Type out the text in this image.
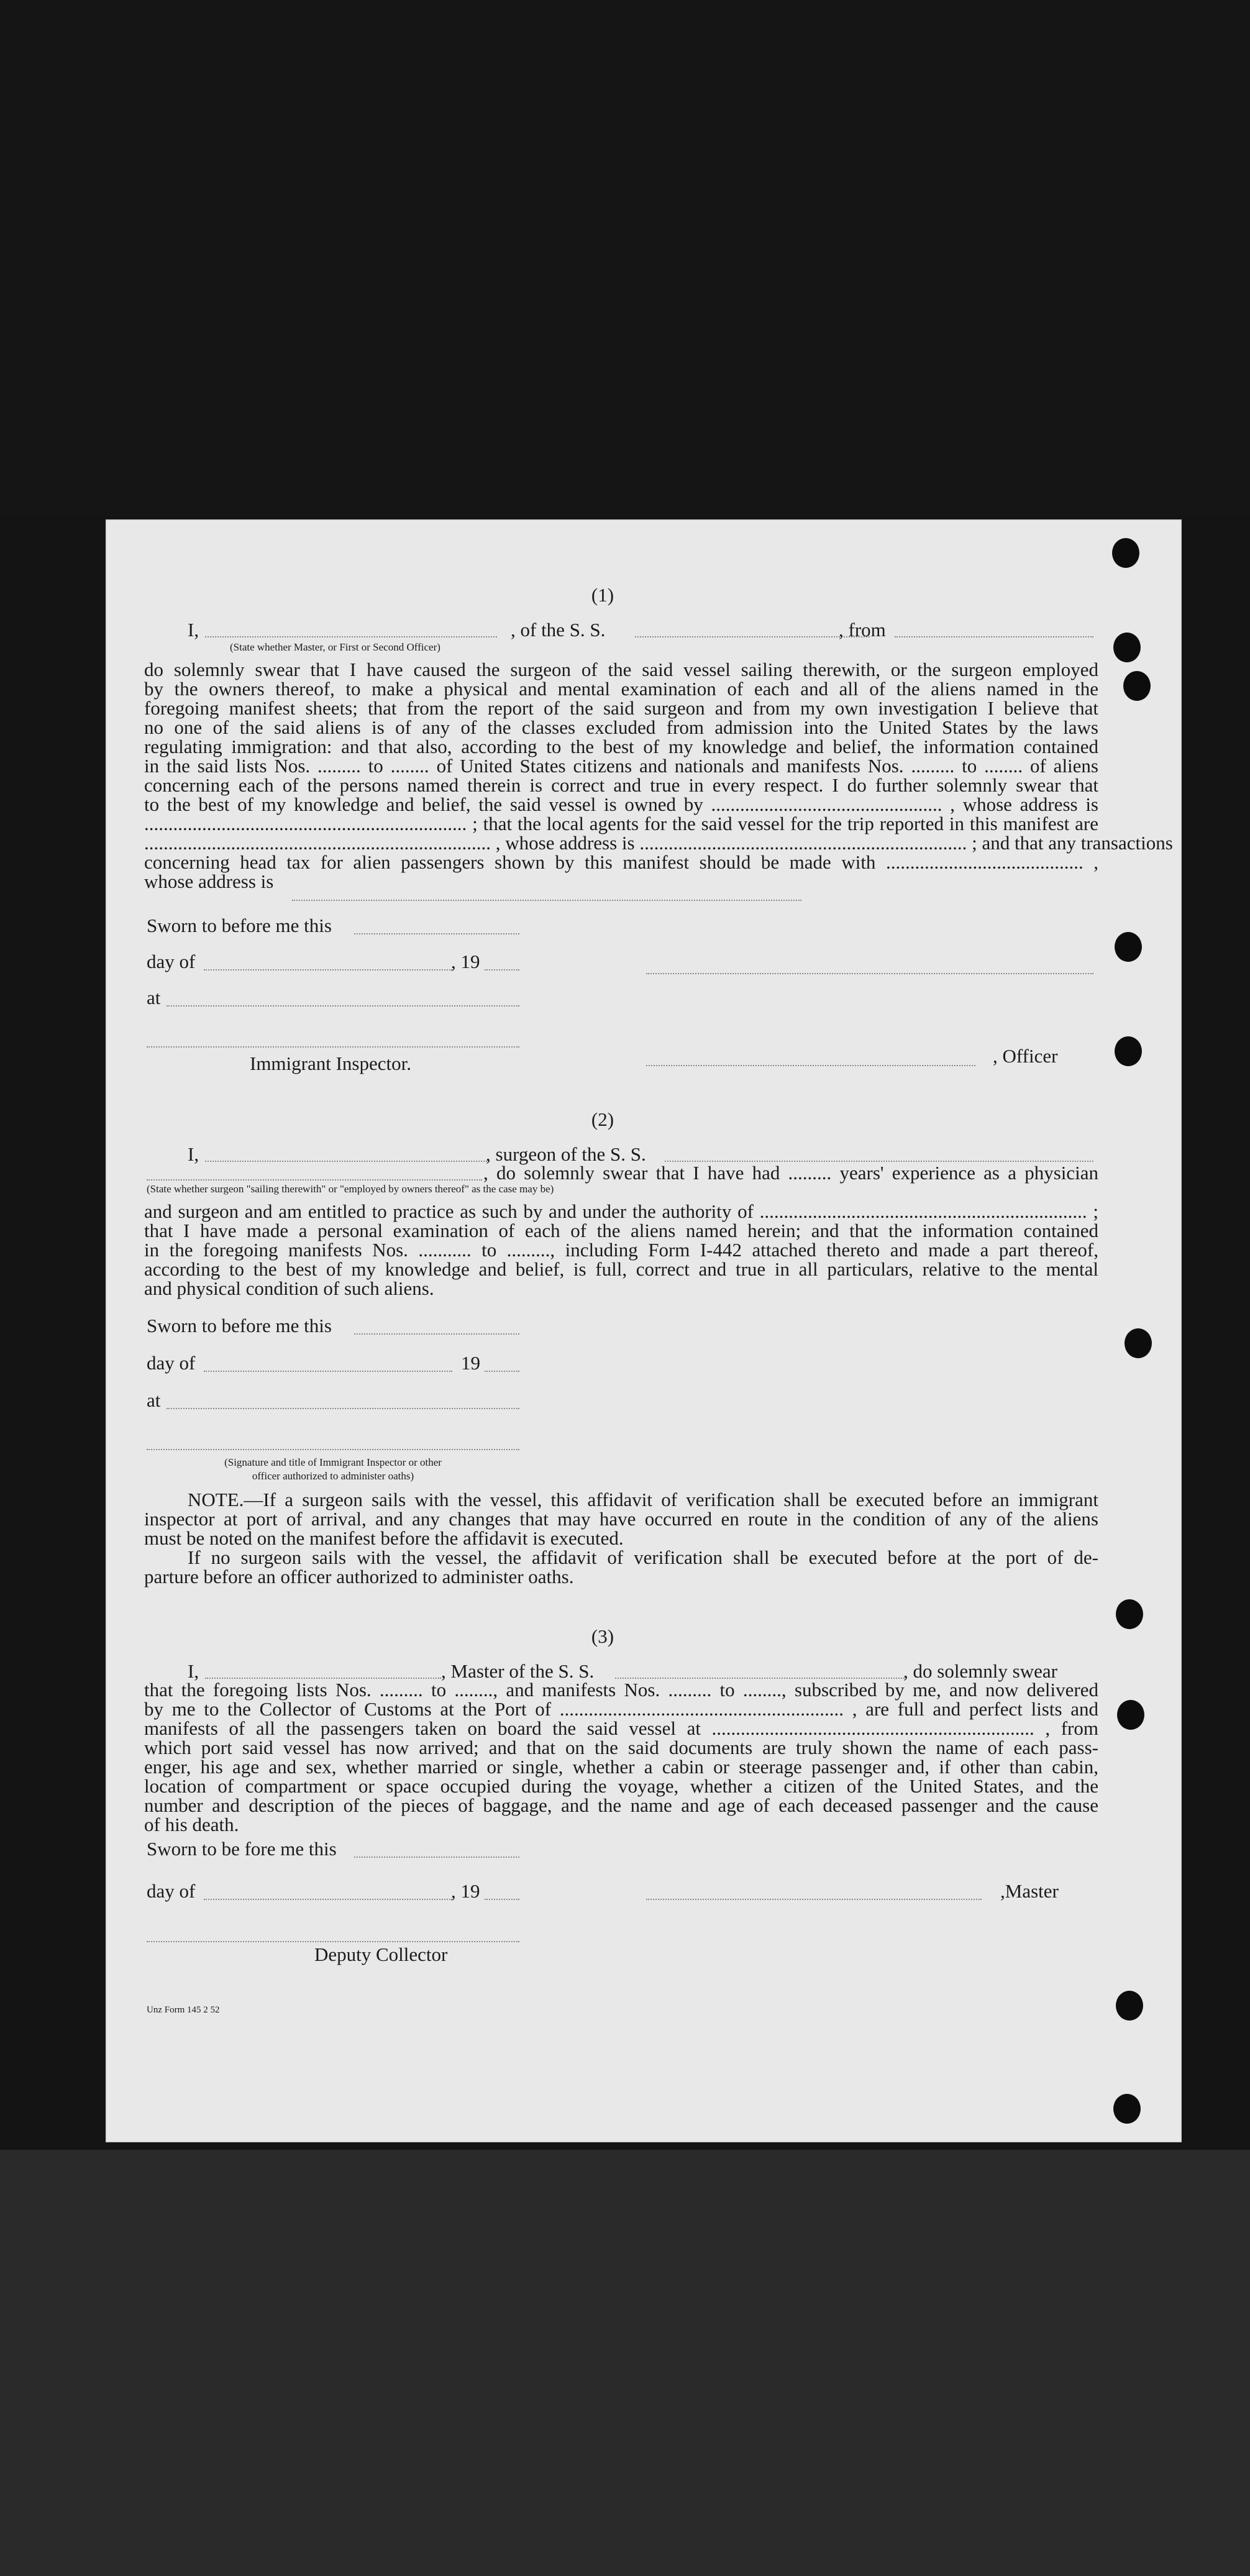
(1)
I,	, of the S. S.	, from
(State whether Master, or First or Second Officer)
do solemnly swear that I have caused the surgeon of the said vessel sailing therewith, or the surgeon employed
by the owners thereof, to make a physical and mental examination of each and all of the aliens named in the
foregoing manifest sheets; that from the report of the said surgeon and from my own investigation I believe that
no one of the said aliens is of any of the classes excluded from admission into the United States by the laws
regulating immigration: and that also, according to the best of my knowledge and belief, the information contained
in the said lists Nos. ......... to ........ of United States citizens and nationals and manifests Nos. ......... to ........ of aliens
concerning each of the persons named therein is correct and true in every respect. I do further solemnly swear that
to the best of my knowledge and belief, the said vessel is owned by ................................................ , whose address is
................................................................... ; that the local agents for the said vessel for the trip reported in this manifest are
........................................................................ , whose address is .................................................................... ; and that any transactions
concerning head tax for alien passengers shown by this manifest should be made with ......................................... ,
whose address is
Sworn to before me this
day of	, 19
at
, Officer
Immigrant Inspector.
(2)
I,	, surgeon of the S. S.
, do solemnly swear that I have had ......... years' experience as a physician
(State whether surgeon "sailing therewith" or "employed by owners thereof" as the case may be)
and surgeon and am entitled to practice as such by and under the authority of .................................................................... ;
that I have made a personal examination of each of the aliens named herein; and that the information contained
in the foregoing manifests Nos. ........... to ........., including Form I-442 attached thereto and made a part thereof,
according to the best of my knowledge and belief, is full, correct and true in all particulars, relative to the mental
and physical condition of such aliens.
Sworn to before me this
day of	19
at
(Signature and title of Immigrant Inspector or other
officer authorized to administer oaths)
NOTE.—If a surgeon sails with the vessel, this affidavit of verification shall be executed before an immigrant
inspector at port of arrival, and any changes that may have occurred en route in the condition of any of the aliens
must be noted on the manifest before the affidavit is executed.
If no surgeon sails with the vessel, the affidavit of verification shall be executed before at the port of de-
parture before an officer authorized to administer oaths.
(3)
I,	, Master of the S. S.	, do solemnly swear
that the foregoing lists Nos. ......... to ........, and manifests Nos. ......... to ........, subscribed by me, and now delivered
by me to the Collector of Customs at the Port of ........................................................... , are full and perfect lists and
manifests of all the passengers taken on board the said vessel at ................................................................... , from
which port said vessel has now arrived; and that on the said documents are truly shown the name of each pass-
enger, his age and sex, whether married or single, whether a cabin or steerage passenger and, if other than cabin,
location of compartment or space occupied during the voyage, whether a citizen of the United States, and the
number and description of the pieces of baggage, and the name and age of each deceased passenger and the cause
of his death.
Sworn to be fore me this
day of	, 19	,Master
Deputy Collector
Unz Form 145 2 52
